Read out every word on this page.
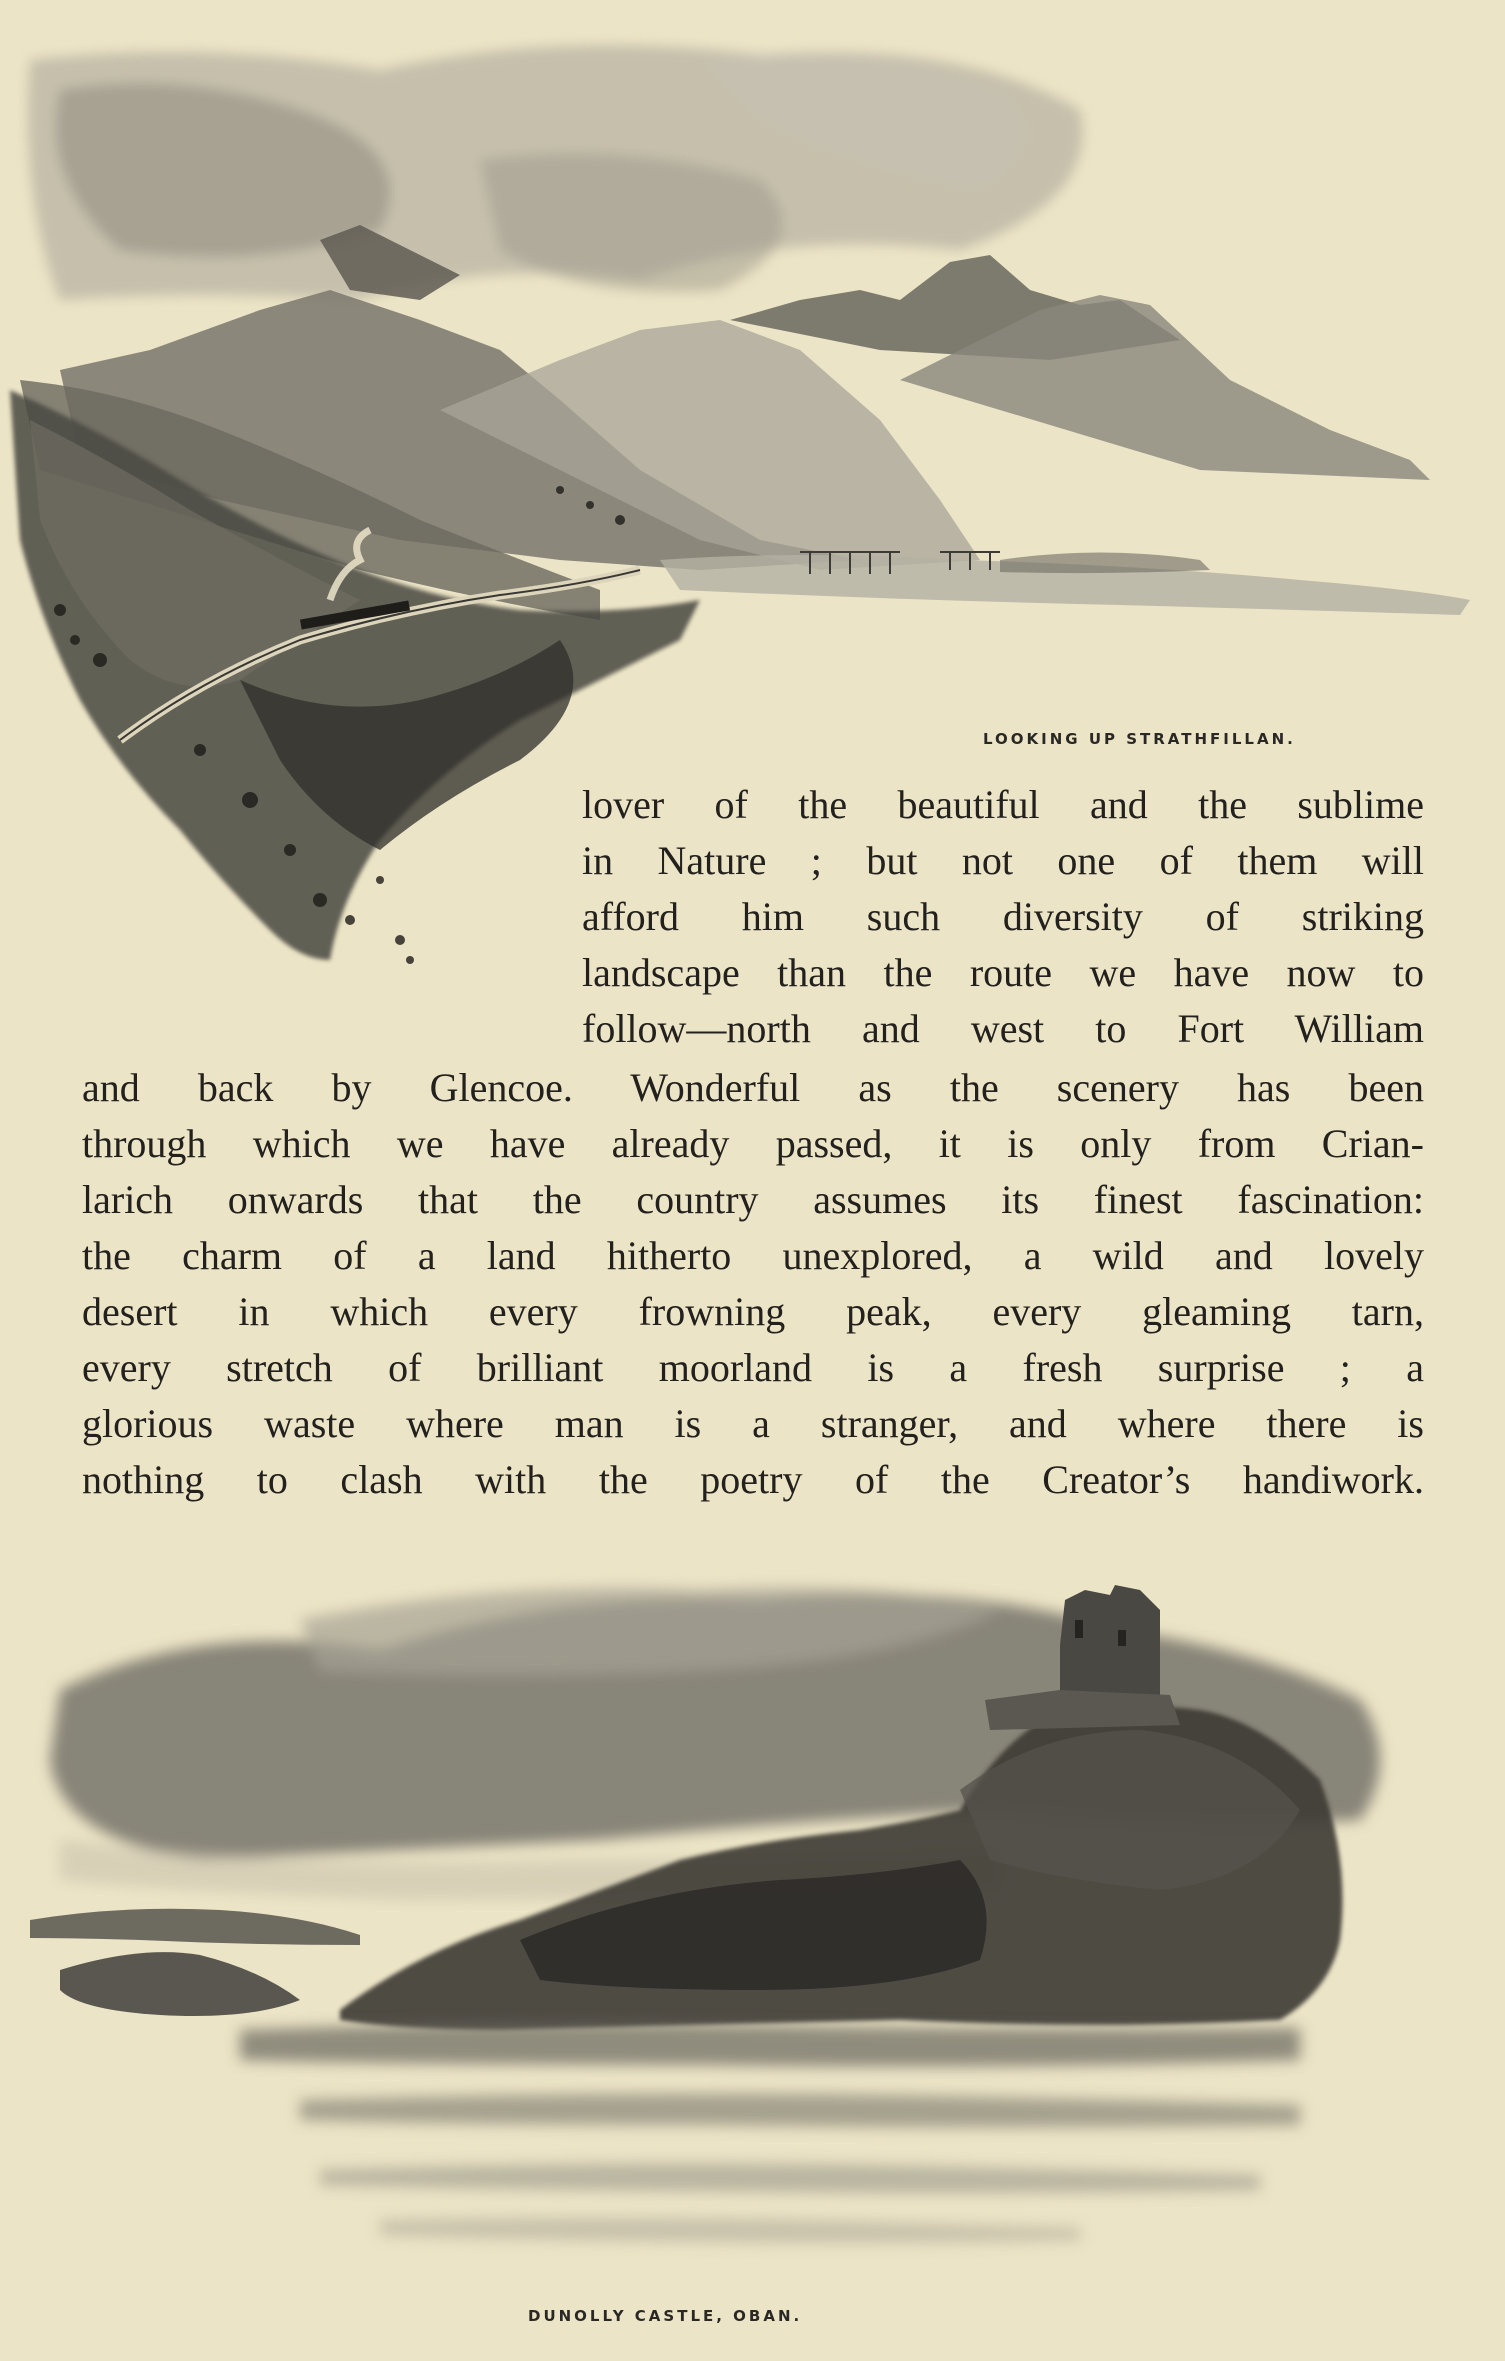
LOOKING UP STRATHFILLAN.
lover of the beautiful and the sublime
in Nature ; but not one of them will
afford him such diversity of striking
landscape than the route we have now to
follow—north and west to Fort William
and back by Glencoe. Wonderful as the scenery has been
through which we have already passed, it is only from Crian-
larich onwards that the country assumes its finest fascination:
the charm of a land hitherto unexplored, a wild and lovely
desert in which every frowning peak, every gleaming tarn,
every stretch of brilliant moorland is a fresh surprise ; a
glorious waste where man is a stranger, and where there is
nothing to clash with the poetry of the Creator’s handiwork.
DUNOLLY CASTLE, OBAN.
